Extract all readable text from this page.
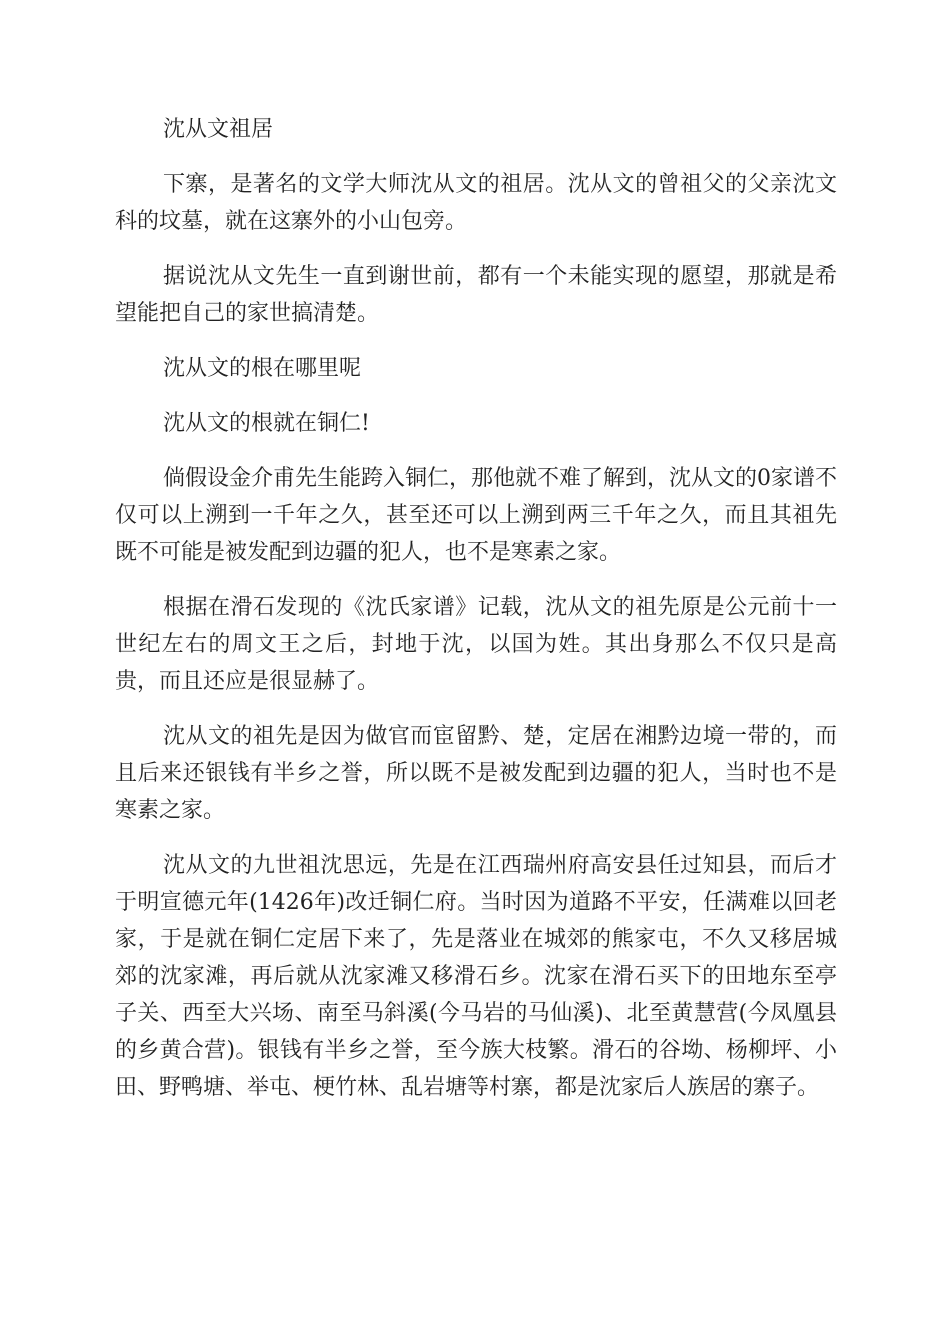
沈从文祖居

下寨，是著名的文学大师沈从文的祖居。沈从文的曾祖父的父亲沈文科的坟墓，就在这寨外的小山包旁。

据说沈从文先生一直到谢世前，都有一个未能实现的愿望，那就是希望能把自己的家世搞清楚。

沈从文的根在哪里呢

沈从文的根就在铜仁!

倘假设金介甫先生能跨入铜仁，那他就不难了解到，沈从文的0家谱不仅可以上溯到一千年之久，甚至还可以上溯到两三千年之久，而且其祖先既不可能是被发配到边疆的犯人，也不是寒素之家。

根据在滑石发现的《沈氏家谱》记载，沈从文的祖先原是公元前十一世纪左右的周文王之后，封地于沈，以国为姓。其出身那么不仅只是高贵，而且还应是很显赫了。

沈从文的祖先是因为做官而宦留黔、楚，定居在湘黔边境一带的，而且后来还银钱有半乡之誉，所以既不是被发配到边疆的犯人，当时也不是寒素之家。

沈从文的九世祖沈思远，先是在江西瑞州府高安县任过知县，而后才于明宣德元年(1426年)改迁铜仁府。当时因为道路不平安，任满难以回老家，于是就在铜仁定居下来了，先是落业在城郊的熊家屯，不久又移居城郊的沈家滩，再后就从沈家滩又移滑石乡。沈家在滑石买下的田地东至亭子关、西至大兴场、南至马斜溪(今马岩的马仙溪)、北至黄慧营(今凤凰县的乡黄合营)。银钱有半乡之誉，至今族大枝繁。滑石的谷坳、杨柳坪、小田、野鸭塘、举屯、梗竹林、乱岩塘等村寨，都是沈家后人族居的寨子。
